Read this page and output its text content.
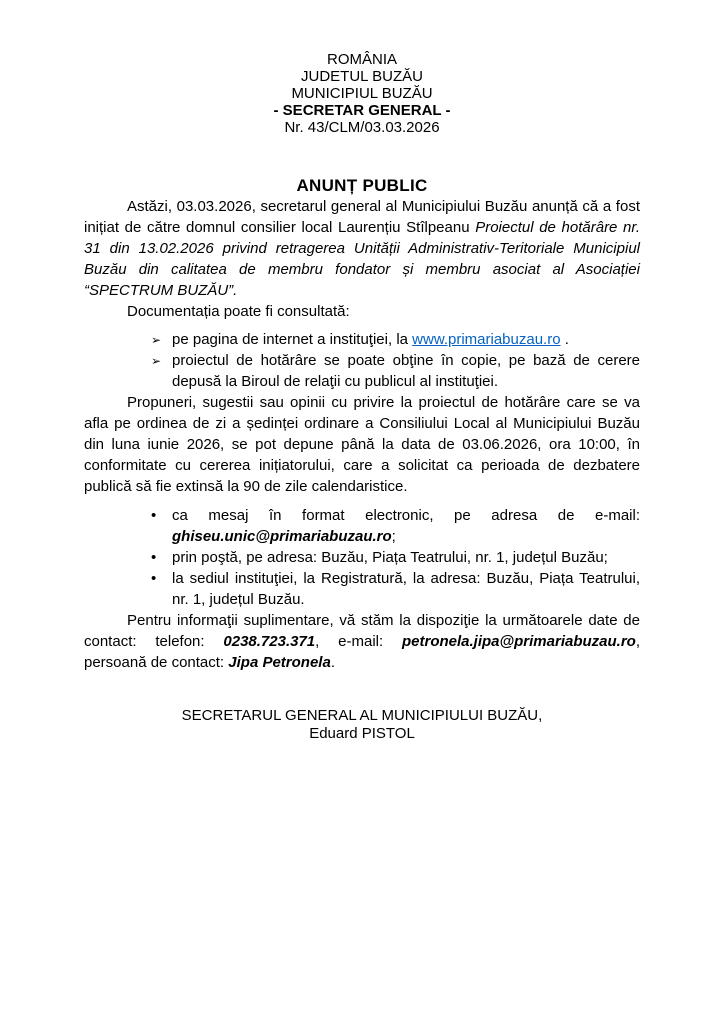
ROMÂNIA
JUDETUL BUZĂU
MUNICIPIUL BUZĂU
- SECRETAR GENERAL -
Nr. 43/CLM/03.03.2026
ANUNȚ PUBLIC

Astăzi, 03.03.2026, secretarul general al Municipiului Buzău anunță că a fost inițiat de către domnul consilier local Laurențiu Stîlpeanu Proiectul de hotărâre nr. 31 din 13.02.2026 privind retragerea Unității Administrativ-Teritoriale Municipiul Buzău din calitatea de membru fondator și membru asociat al Asociației “SPECTRUM BUZĂU”.

Documentația poate fi consultată:

➢ pe pagina de internet a instituţiei, la www.primariabuzau.ro .
➢ proiectul de hotărâre se poate obţine în copie, pe bază de cerere depusă la Biroul de relaţii cu publicul al instituţiei.

Propuneri, sugestii sau opinii cu privire la proiectul de hotărâre care se va afla pe ordinea de zi a ședinței ordinare a Consiliului Local al Municipiului Buzău din luna iunie 2026, se pot depune până la data de 03.06.2026, ora 10:00, în conformitate cu cererea inițiatorului, care a solicitat ca perioada de dezbatere publică să fie extinsă la 90 de zile calendaristice.

• ca mesaj în format electronic, pe adresa de e-mail: ghiseu.unic@primariabuzau.ro;
• prin poştă, pe adresa: Buzău, Piața Teatrului, nr. 1, județul Buzău;
• la sediul instituţiei, la Registratură, la adresa: Buzău, Piața Teatrului, nr. 1, județul Buzău.

Pentru informaţii suplimentare, vă stăm la dispoziţie la următoarele date de contact: telefon: 0238.723.371, e-mail: petronela.jipa@primariabuzau.ro, persoană de contact: Jipa Petronela.

SECRETARUL GENERAL AL MUNICIPIULUI BUZĂU,
Eduard PISTOL
